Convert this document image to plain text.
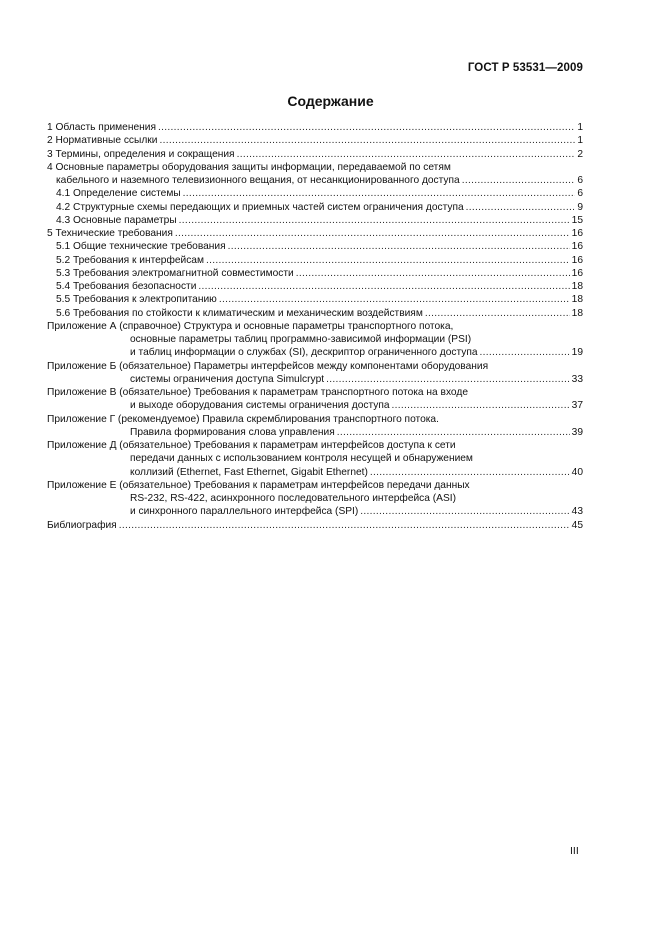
ГОСТ Р 53531—2009
Содержание
1 Область применения .....	1
2 Нормативные ссылки .....	1
3 Термины, определения и сокращения .....	2
4 Основные параметры оборудования защиты информации, передаваемой по сетям
кабельного и наземного телевизионного вещания, от несанкционированного доступа .....	6
4.1 Определение системы .....	6
4.2 Структурные схемы передающих и приемных частей систем ограничения доступа .....	9
4.3 Основные параметры .....	15
5 Технические требования .....	16
5.1 Общие технические требования .....	16
5.2 Требования к интерфейсам .....	16
5.3 Требования электромагнитной совместимости .....	16
5.4 Требования безопасности .....	18
5.5 Требования к электропитанию .....	18
5.6 Требования по стойкости к климатическим и механическим воздействиям .....	18
Приложение А (справочное) Структура и основные параметры транспортного потока,
основные параметры таблиц программно-зависимой информации (PSI)
и таблиц информации о службах (SI), дескриптор ограниченного доступа .....	19
Приложение Б (обязательное) Параметры интерфейсов между компонентами оборудования
системы ограничения доступа Simulcrypt .....	33
Приложение В (обязательное) Требования к параметрам транспортного потока на входе
и выходе оборудования системы ограничения доступа .....	37
Приложение Г (рекомендуемое) Правила скремблирования транспортного потока.
Правила формирования слова управления .....	39
Приложение Д (обязательное) Требования к параметрам интерфейсов доступа к сети
передачи данных с использованием контроля несущей и обнаружением
коллизий (Ethernet, Fast Ethernet, Gigabit Ethernet) .....	40
Приложение Е (обязательное) Требования к параметрам интерфейсов передачи данных
RS-232, RS-422, асинхронного последовательного интерфейса (ASI)
и синхронного параллельного интерфейса (SPI) .....	43
Библиография .....	45
III
